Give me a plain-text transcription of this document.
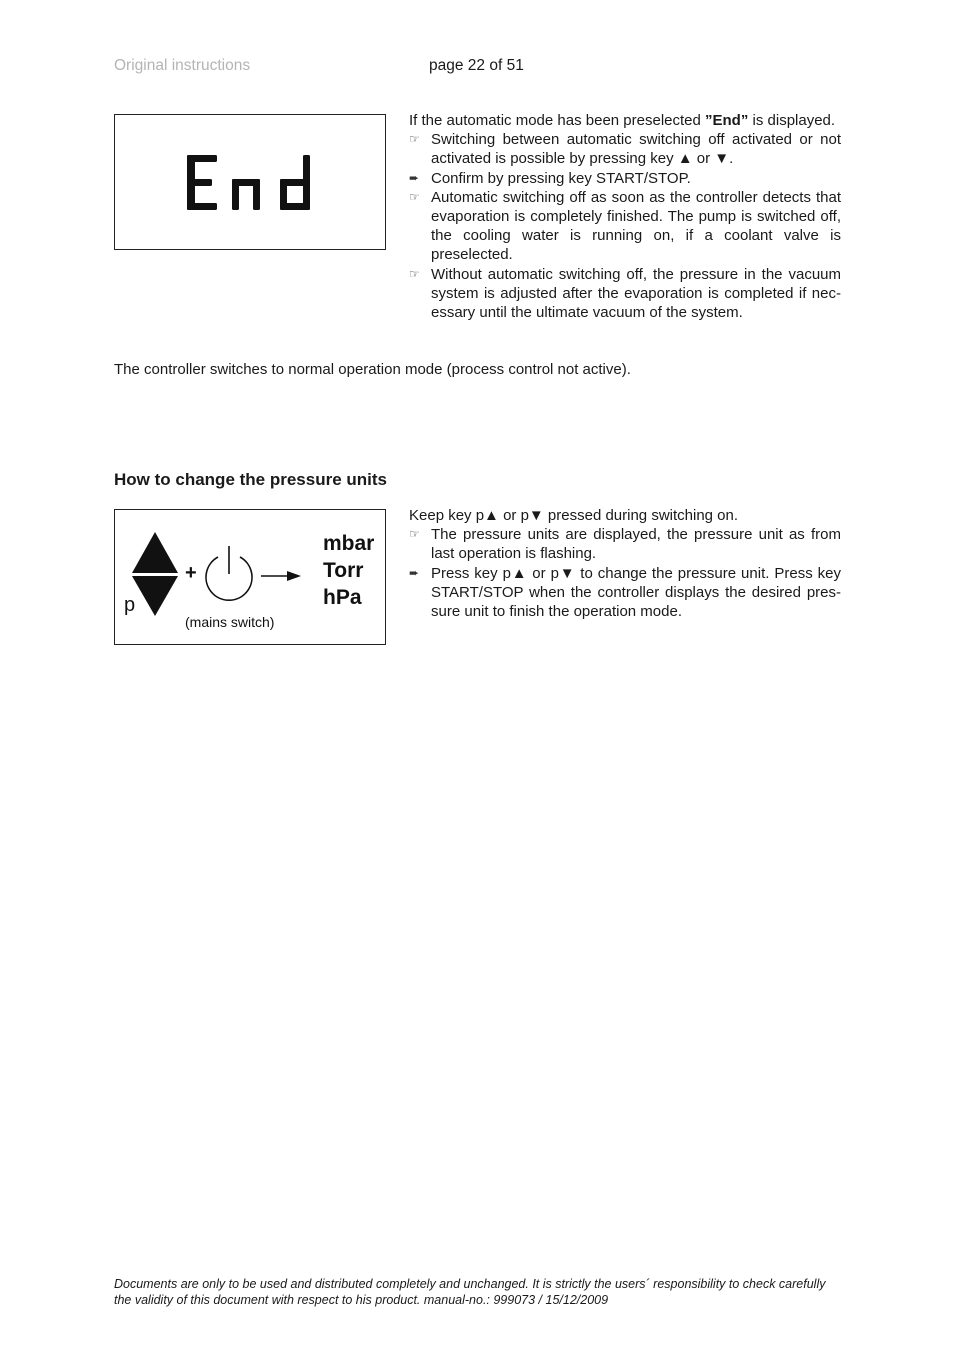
Original instructions	page 22 of 51

If the automatic mode has been preselected ”End” is displayed.

☞ Switching between automatic switching off activated or not activated is possible by pressing key ▲ or ▼.

➨ Confirm by pressing key START/STOP.

☞ Automatic switching off as soon as the controller detects that evaporation is completely finished. The pump is switched off, the cooling water is running on, if a coolant valve is preselected.

☞ Without automatic switching off, the pressure in the vacuum system is adjusted after the evaporation is completed if nec-essary until the ultimate vacuum of the system.

The controller switches to normal operation mode (process control not active).
How to change the pressure units
p
+
(mains switch)
mbar
Torr
hPa

Keep key p▲ or p▼ pressed during switching on.

☞ The pressure units are displayed, the pressure unit as from last operation is flashing.

➨ Press key p▲ or p▼ to change the pressure unit. Press key START/STOP when the controller displays the desired pres-sure unit to finish the operation mode.

Documents are only to be used and distributed completely and unchanged. It is strictly the users´ responsibility to check carefully
the validity of this document with respect to his product. manual-no.: 999073 / 15/12/2009
